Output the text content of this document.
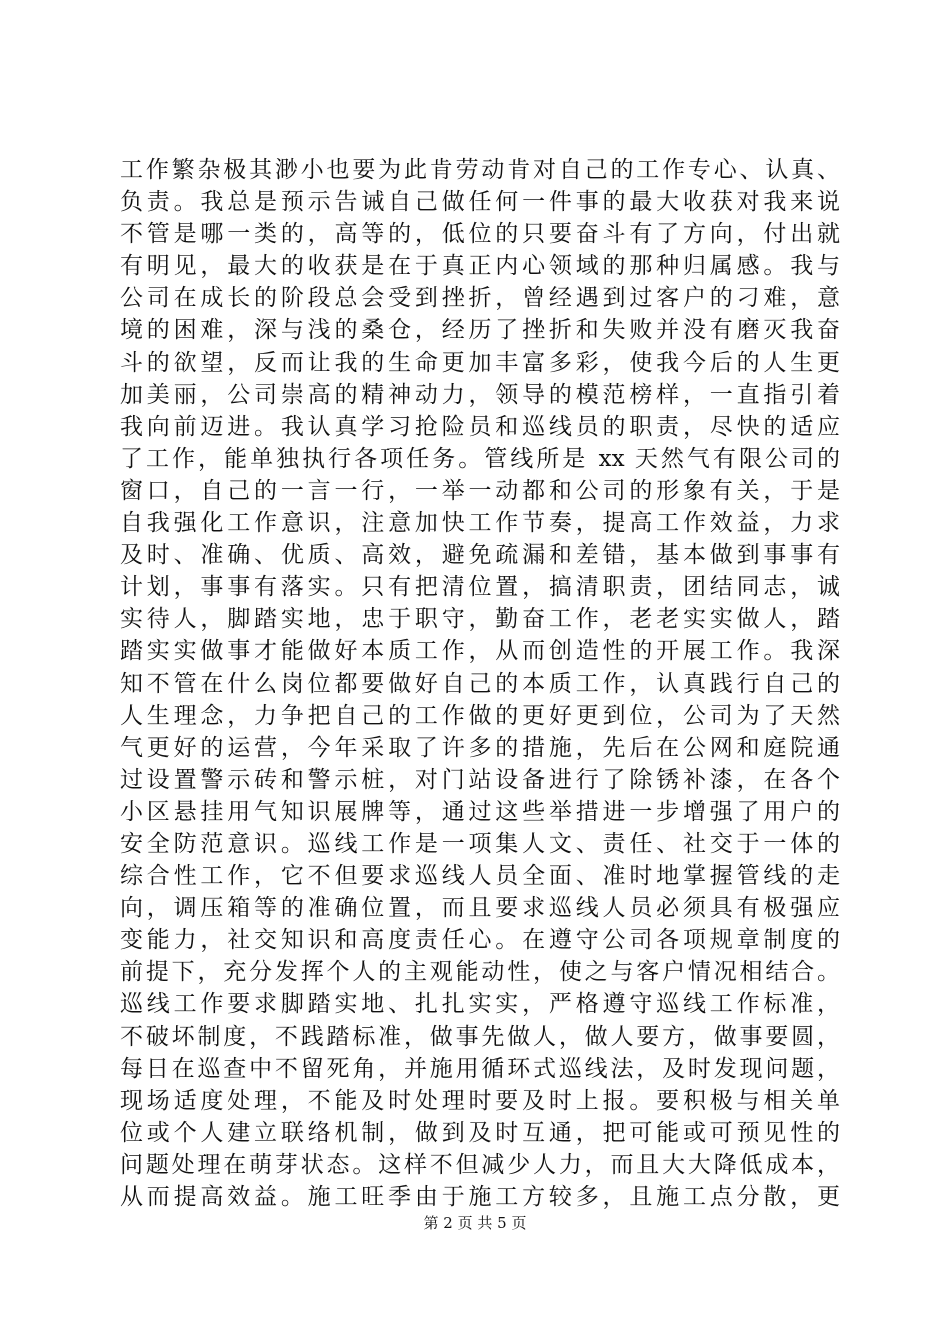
工作繁杂极其渺小也要为此肯劳动肯对自己的工作专心、认真、
负责。我总是预示告诫自己做任何一件事的最大收获对我来说
不管是哪一类的，高等的，低位的只要奋斗有了方向，付出就
有明见，最大的收获是在于真正内心领域的那种归属感。我与
公司在成长的阶段总会受到挫折，曾经遇到过客户的刁难，意
境的困难，深与浅的桑仓，经历了挫折和失败并没有磨灭我奋
斗的欲望，反而让我的生命更加丰富多彩，使我今后的人生更
加美丽，公司崇高的精神动力，领导的模范榜样，一直指引着
我向前迈进。我认真学习抢险员和巡线员的职责，尽快的适应
了工作，能单独执行各项任务。管线所是 xx 天然气有限公司的
窗口，自己的一言一行，一举一动都和公司的形象有关，于是
自我强化工作意识，注意加快工作节奏，提高工作效益，力求
及时、准确、优质、高效，避免疏漏和差错，基本做到事事有
计划，事事有落实。只有把清位置，搞清职责，团结同志，诚
实待人，脚踏实地，忠于职守，勤奋工作，老老实实做人，踏
踏实实做事才能做好本质工作，从而创造性的开展工作。我深
知不管在什么岗位都要做好自己的本质工作，认真践行自己的
人生理念，力争把自己的工作做的更好更到位，公司为了天然
气更好的运营，今年采取了许多的措施，先后在公网和庭院通
过设置警示砖和警示桩，对门站设备进行了除锈补漆，在各个
小区悬挂用气知识展牌等，通过这些举措进一步增强了用户的
安全防范意识。巡线工作是一项集人文、责任、社交于一体的
综合性工作，它不但要求巡线人员全面、准时地掌握管线的走
向，调压箱等的准确位置，而且要求巡线人员必须具有极强应
变能力，社交知识和高度责任心。在遵守公司各项规章制度的
前提下，充分发挥个人的主观能动性，使之与客户情况相结合。
巡线工作要求脚踏实地、扎扎实实，严格遵守巡线工作标准，
不破坏制度，不践踏标准，做事先做人，做人要方，做事要圆，
每日在巡查中不留死角，并施用循环式巡线法，及时发现问题，
现场适度处理，不能及时处理时要及时上报。要积极与相关单
位或个人建立联络机制，做到及时互通，把可能或可预见性的
问题处理在萌芽状态。这样不但减少人力，而且大大降低成本，
从而提高效益。施工旺季由于施工方较多，且施工点分散，更
第 2 页 共 5 页
